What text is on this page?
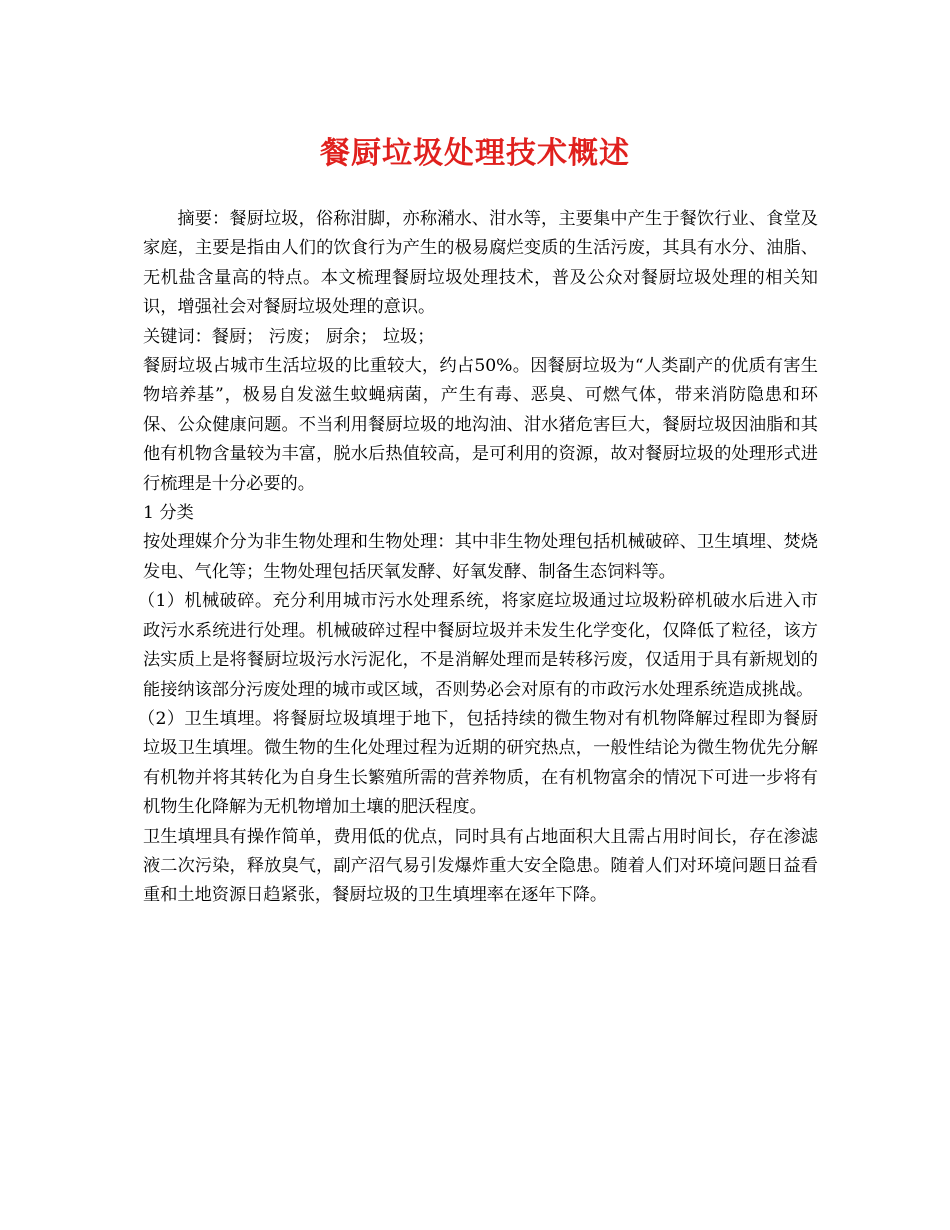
餐厨垃圾处理技术概述

摘要：餐厨垃圾，俗称泔脚，亦称潲水、泔水等，主要集中产生于餐饮行业、食堂及家庭，主要是指由人们的饮食行为产生的极易腐烂变质的生活污废，其具有水分、油脂、无机盐含量高的特点。本文梳理餐厨垃圾处理技术，普及公众对餐厨垃圾处理的相关知识，增强社会对餐厨垃圾处理的意识。

关键词：餐厨； 污废； 厨余； 垃圾；

餐厨垃圾占城市生活垃圾的比重较大，约占50%。因餐厨垃圾为“人类副产的优质有害生物培养基”，极易自发滋生蚊蝇病菌，产生有毒、恶臭、可燃气体，带来消防隐患和环保、公众健康问题。不当利用餐厨垃圾的地沟油、泔水猪危害巨大，餐厨垃圾因油脂和其他有机物含量较为丰富，脱水后热值较高，是可利用的资源，故对餐厨垃圾的处理形式进行梳理是十分必要的。

1 分类

按处理媒介分为非生物处理和生物处理：其中非生物处理包括机械破碎、卫生填埋、焚烧发电、气化等；生物处理包括厌氧发酵、好氧发酵、制备生态饲料等。

（1）机械破碎。充分利用城市污水处理系统，将家庭垃圾通过垃圾粉碎机破水后进入市政污水系统进行处理。机械破碎过程中餐厨垃圾并未发生化学变化，仅降低了粒径，该方法实质上是将餐厨垃圾污水污泥化，不是消解处理而是转移污废，仅适用于具有新规划的能接纳该部分污废处理的城市或区域，否则势必会对原有的市政污水处理系统造成挑战。

（2）卫生填埋。将餐厨垃圾填埋于地下，包括持续的微生物对有机物降解过程即为餐厨垃圾卫生填埋。微生物的生化处理过程为近期的研究热点，一般性结论为微生物优先分解有机物并将其转化为自身生长繁殖所需的营养物质，在有机物富余的情况下可进一步将有机物生化降解为无机物增加土壤的肥沃程度。

卫生填埋具有操作简单，费用低的优点，同时具有占地面积大且需占用时间长，存在渗滤液二次污染，释放臭气，副产沼气易引发爆炸重大安全隐患。随着人们对环境问题日益看重和土地资源日趋紧张，餐厨垃圾的卫生填埋率在逐年下降。
